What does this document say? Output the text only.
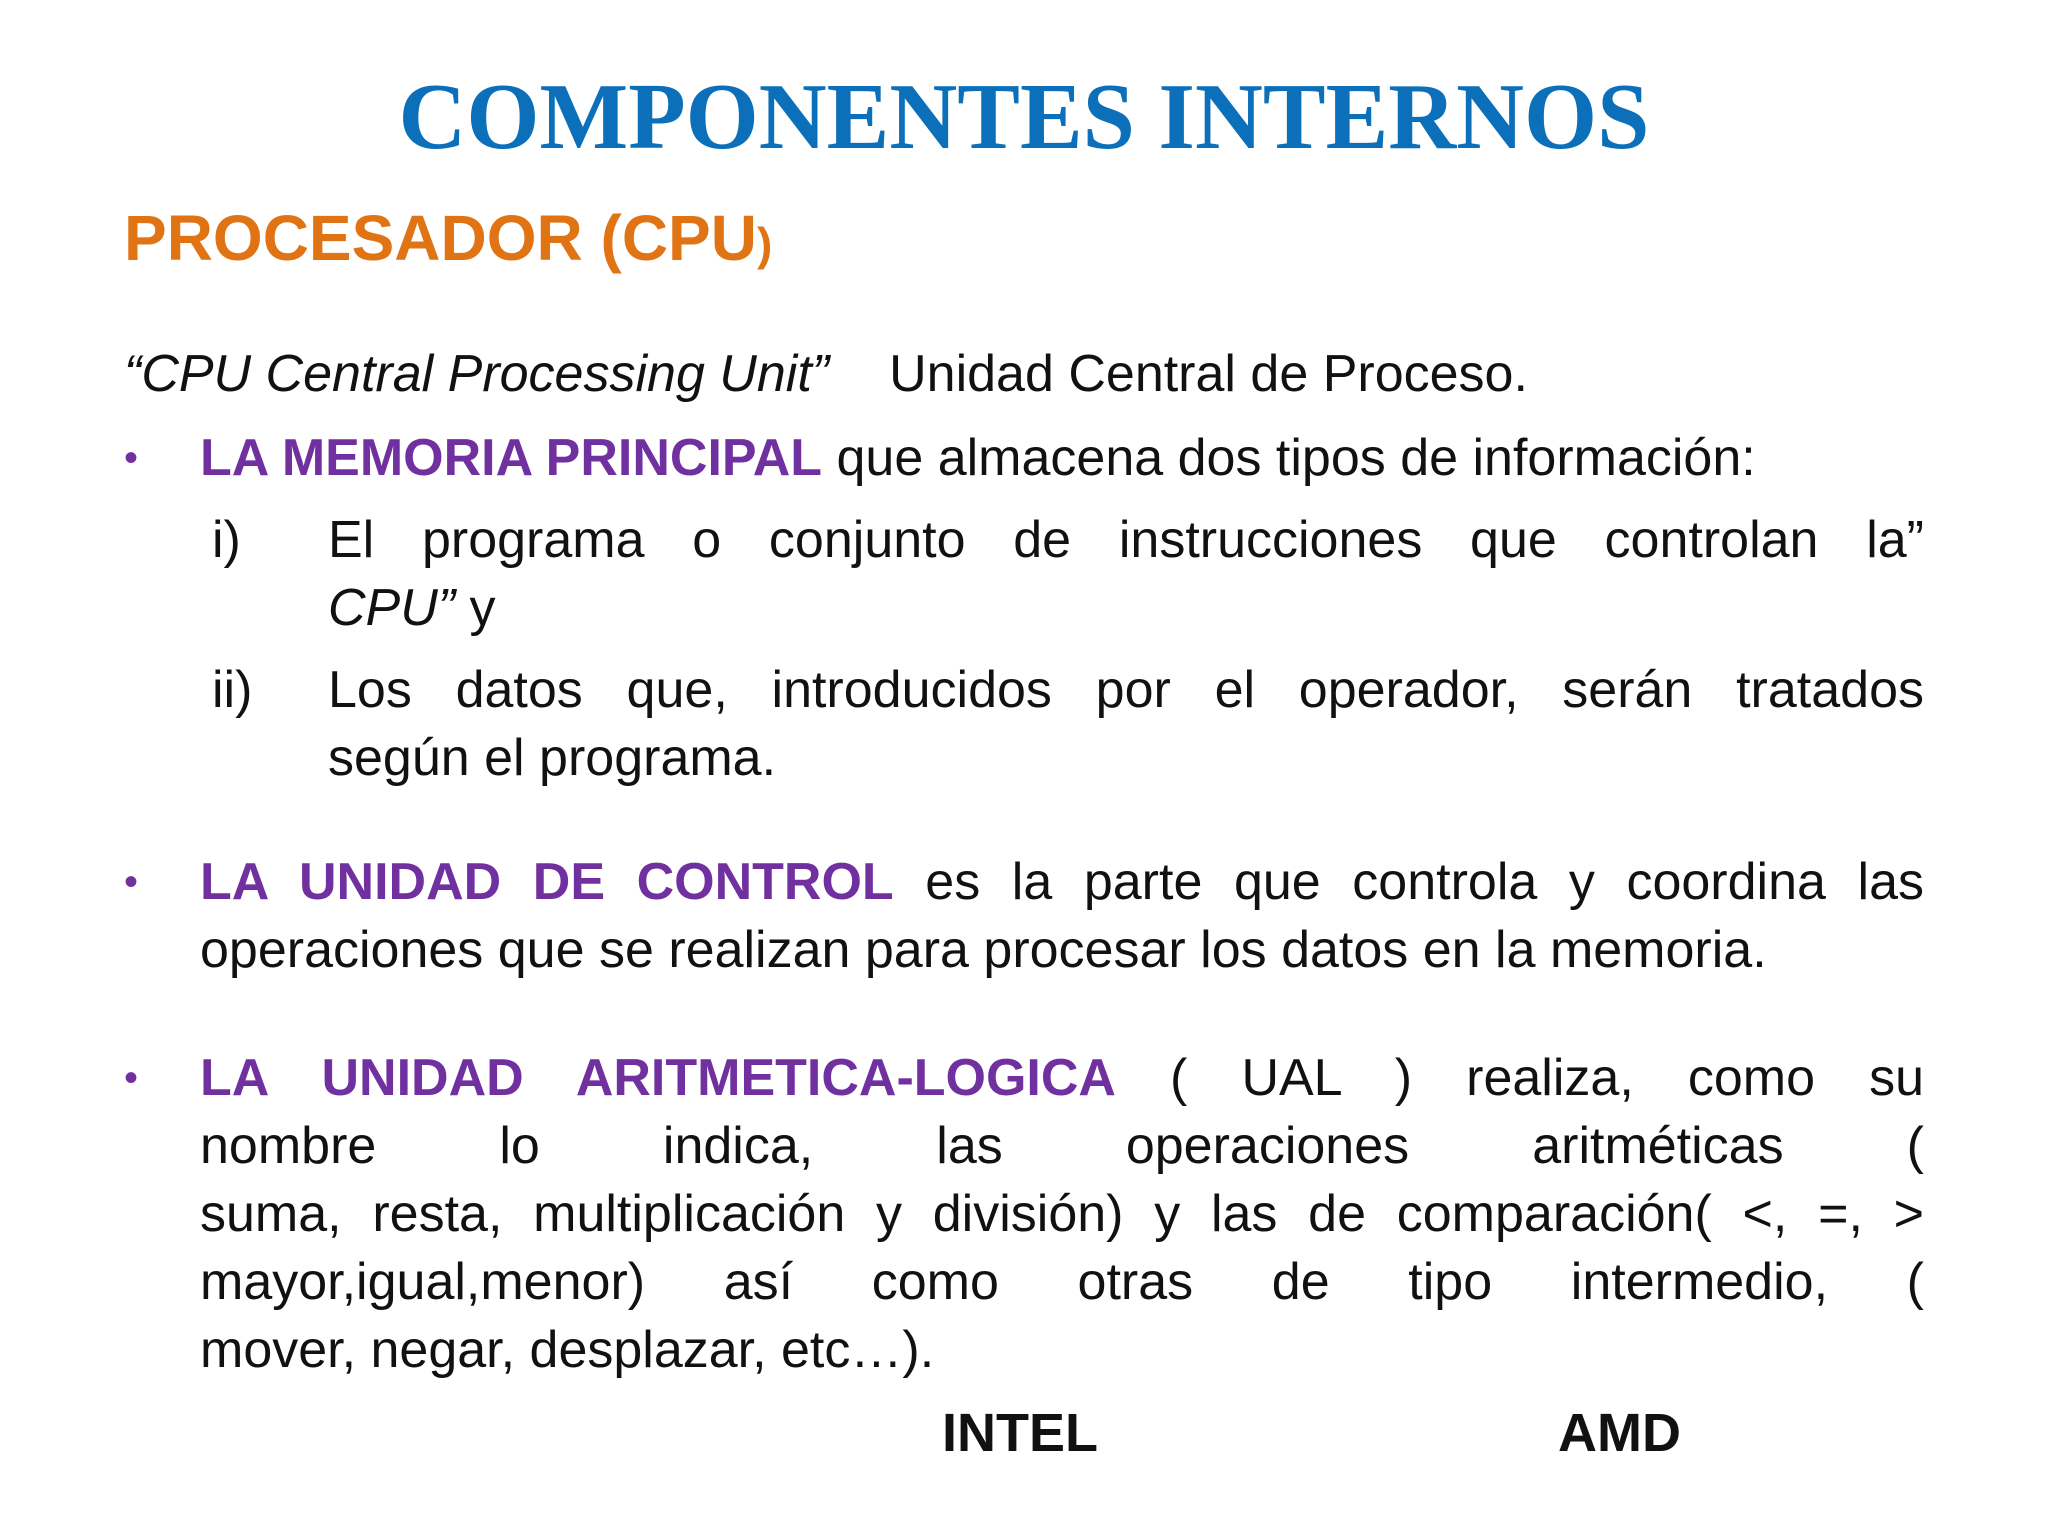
COMPONENTES INTERNOS
PROCESADOR (CPU)
“CPU Central Processing Unit” Unidad Central de Proceso.
• LA MEMORIA PRINCIPAL que almacena dos tipos de información:
i) El programa o conjunto de instrucciones que controlan la”
CPU” y
ii) Los datos que, introducidos por el operador, serán tratados
según el programa.
• LA UNIDAD DE CONTROL es la parte que controla y coordina las
operaciones que se realizan para procesar los datos en la memoria.
• LA UNIDAD ARITMETICA-LOGICA ( UAL ) realiza, como su
nombre lo indica, las operaciones aritméticas (
suma, resta, multiplicación y división) y las de comparación( <, =, >
mayor,igual,menor) así como otras de tipo intermedio, (
mover, negar, desplazar, etc…).
INTEL	AMD
